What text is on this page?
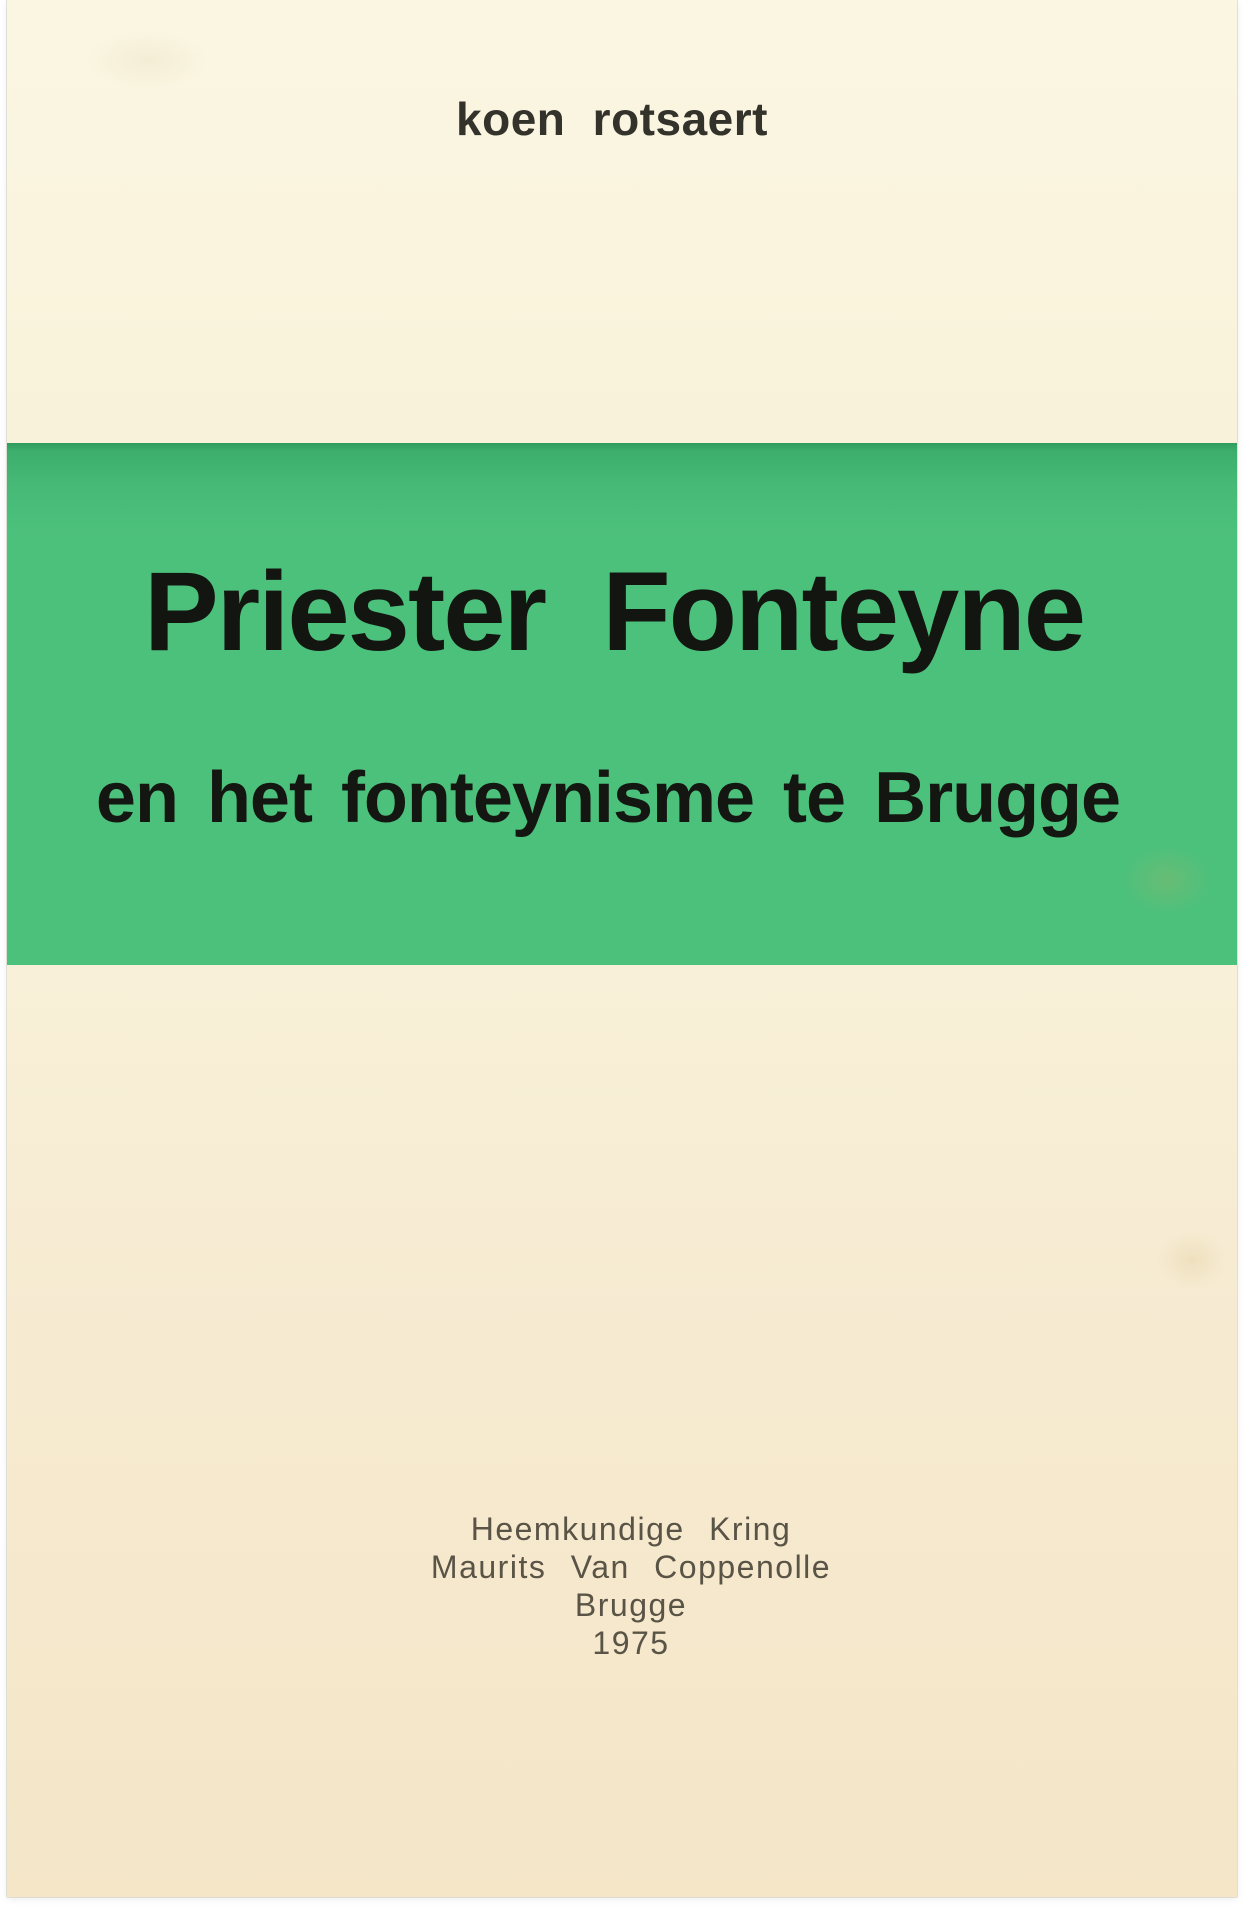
koen rotsaert
Priester Fonteyne
en het fonteynisme te Brugge
Heemkundige Kring
Maurits Van Coppenolle
Brugge
1975
